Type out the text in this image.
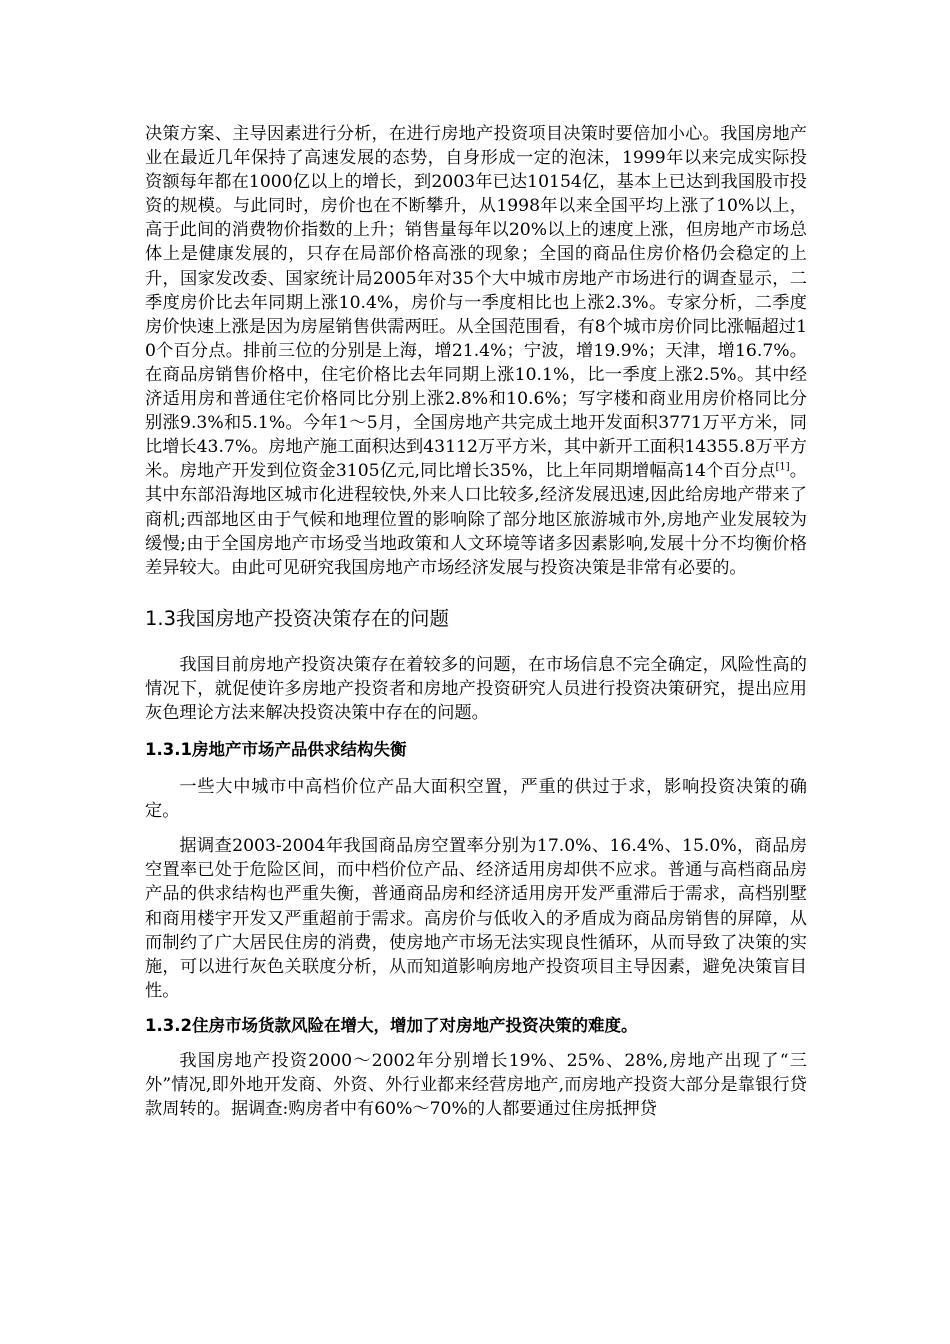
决策方案、主导因素进行分析，在进行房地产投资项目决策时要倍加小心。我国房地产业在最近几年保持了高速发展的态势，自身形成一定的泡沫，1999年以来完成实际投资额每年都在1000亿以上的增长，到2003年已达10154亿，基本上已达到我国股市投资的规模。与此同时，房价也在不断攀升，从1998年以来全国平均上涨了10%以上，高于此间的消费物价指数的上升；销售量每年以20%以上的速度上涨，但房地产市场总体上是健康发展的，只存在局部价格高涨的现象；全国的商品住房价格仍会稳定的上升，国家发改委、国家统计局2005年对35个大中城市房地产市场进行的调查显示，二季度房价比去年同期上涨10.4%，房价与一季度相比也上涨2.3%。专家分析，二季度房价快速上涨是因为房屋销售供需两旺。从全国范围看，有8个城市房价同比涨幅超过10个百分点。排前三位的分别是上海，增21.4%；宁波，增19.9%；天津，增16.7%。在商品房销售价格中，住宅价格比去年同期上涨10.1%，比一季度上涨2.5%。其中经济适用房和普通住宅价格同比分别上涨2.8%和10.6%；写字楼和商业用房价格同比分别涨9.3%和5.1%。今年1～5月，全国房地产共完成土地开发面积3771万平方米，同比增长43.7%。房地产施工面积达到43112万平方米，其中新开工面积14355.8万平方米。房地产开发到位资金3105亿元,同比增长35%，比上年同期增幅高14个百分点[1]。其中东部沿海地区城市化进程较快,外来人口比较多,经济发展迅速,因此给房地产带来了商机;西部地区由于气候和地理位置的影响除了部分地区旅游城市外,房地产业发展较为缓慢;由于全国房地产市场受当地政策和人文环境等诸多因素影响,发展十分不均衡价格差异较大。由此可见研究我国房地产市场经济发展与投资决策是非常有必要的。

1.3我国房地产投资决策存在的问题

我国目前房地产投资决策存在着较多的问题，在市场信息不完全确定，风险性高的情况下，就促使许多房地产投资者和房地产投资研究人员进行投资决策研究，提出应用灰色理论方法来解决投资决策中存在的问题。

1.3.1房地产市场产品供求结构失衡

一些大中城市中高档价位产品大面积空置，严重的供过于求，影响投资决策的确定。

据调查2003-2004年我国商品房空置率分别为17.0%、16.4%、15.0%，商品房空置率已处于危险区间，而中档价位产品、经济适用房却供不应求。普通与高档商品房产品的供求结构也严重失衡，普通商品房和经济适用房开发严重滞后于需求，高档别墅和商用楼宇开发又严重超前于需求。高房价与低收入的矛盾成为商品房销售的屏障，从而制约了广大居民住房的消费，使房地产市场无法实现良性循环，从而导致了决策的实施，可以进行灰色关联度分析，从而知道影响房地产投资项目主导因素，避免决策盲目性。

1.3.2住房市场货款风险在增大，增加了对房地产投资决策的难度。

我国房地产投资2000～2002年分别增长19%、25%、28%,房地产出现了“三外”情况,即外地开发商、外资、外行业都来经营房地产,而房地产投资大部分是靠银行贷款周转的。据调查:购房者中有60%～70%的人都要通过住房抵押贷
